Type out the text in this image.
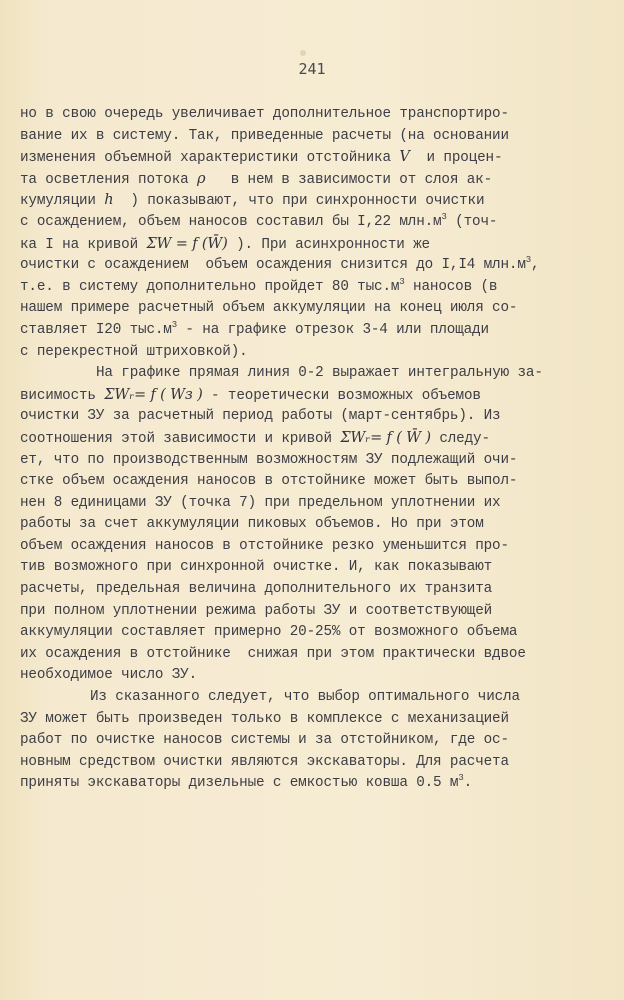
241
но в свою очередь увеличивает дополнительное транспортиро-
вание их в систему. Так, приведенные расчеты (на основании
изменения объемной характеристики отстойника V  и процен-
та осветления потока ρ   в нем в зависимости от слоя ак-
кумуляции h  ) показывают, что при синхронности очистки
с осаждением, объем наносов составил бы I,22 $млн.м^3$ (точ-
ка I на кривой ΣW = f (W̄) ). При асинхронности же
очистки с осаждением  объем осаждения снизится до I,I4 $млн.м^3$,
т.е. в систему дополнительно пройдет 80 $тыс.м^3$ наносов (в
нашем примере расчетный объем аккумуляции на конец июля со-
ставляет I20 $тыс.м^3$ - на графике отрезок 3-4 или площади
с перекрестной штриховкой).
На графике прямая линия 0-2 выражает интегральную за-
висимость ΣWᵣ= f ( Wз ) - теоретически возможных объемов
очистки ЗУ за расчетный период работы (март-сентябрь). Из
соотношения этой зависимости и кривой ΣWᵣ= f ( W̄ ) следу-
ет, что по производственным возможностям ЗУ подлежащий очи-
стке объем осаждения наносов в отстойнике может быть выпол-
нен 8 единицами ЗУ (точка 7) при предельном уплотнении их
работы за счет аккумуляции пиковых объемов. Но при этом
объем осаждения наносов в отстойнике резко уменьшится про-
тив возможного при синхронной очистке. И, как показывают
расчеты, предельная величина дополнительного их транзита
при полном уплотнении режима работы ЗУ и соответствующей
аккумуляции составляет примерно 20-25% от возможного объема
их осаждения в отстойнике  снижая при этом практически вдвое
необходимое число ЗУ.
Из сказанного следует, что выбор оптимального числа
ЗУ может быть произведен только в комплексе с механизацией
работ по очистке наносов системы и за отстойником, где ос-
новным средством очистки являются экскаваторы. Для расчета
приняты экскаваторы дизельные с емкостью ковша 0.5 $м^3$.
